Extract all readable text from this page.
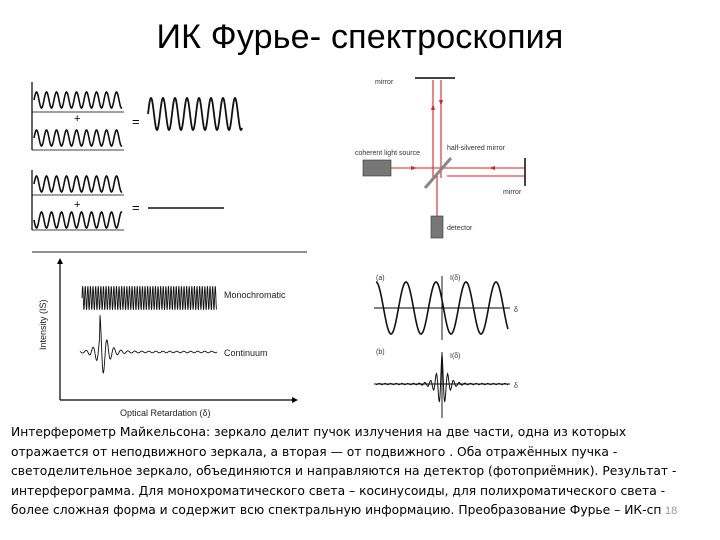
ИК Фурье- спектроскопия
+	=
+	=
mirror
coherent light source
half-silvered mirror
mirror
detector
Intensity (IS)
Optical Retardation (δ)
Monochromatic
Continuum
(a)	I(δ)
δ
(b)
I(δ)
δ

Интерферометр Майкельсона: зеркало делит пучок излучения на две части, одна из которых

отражается от неподвижного зеркала, а вторая — от подвижного . Оба отражённых пучка -

светоделительное зеркало, объединяются и направляются на детектор (фотоприёмник). Результат -

интерферограмма. Для монохроматического света – косинусоиды, для полихроматического света -

более сложная форма и содержит всю спектральную информацию. Преобразование Фурье – ИК-сп 18
